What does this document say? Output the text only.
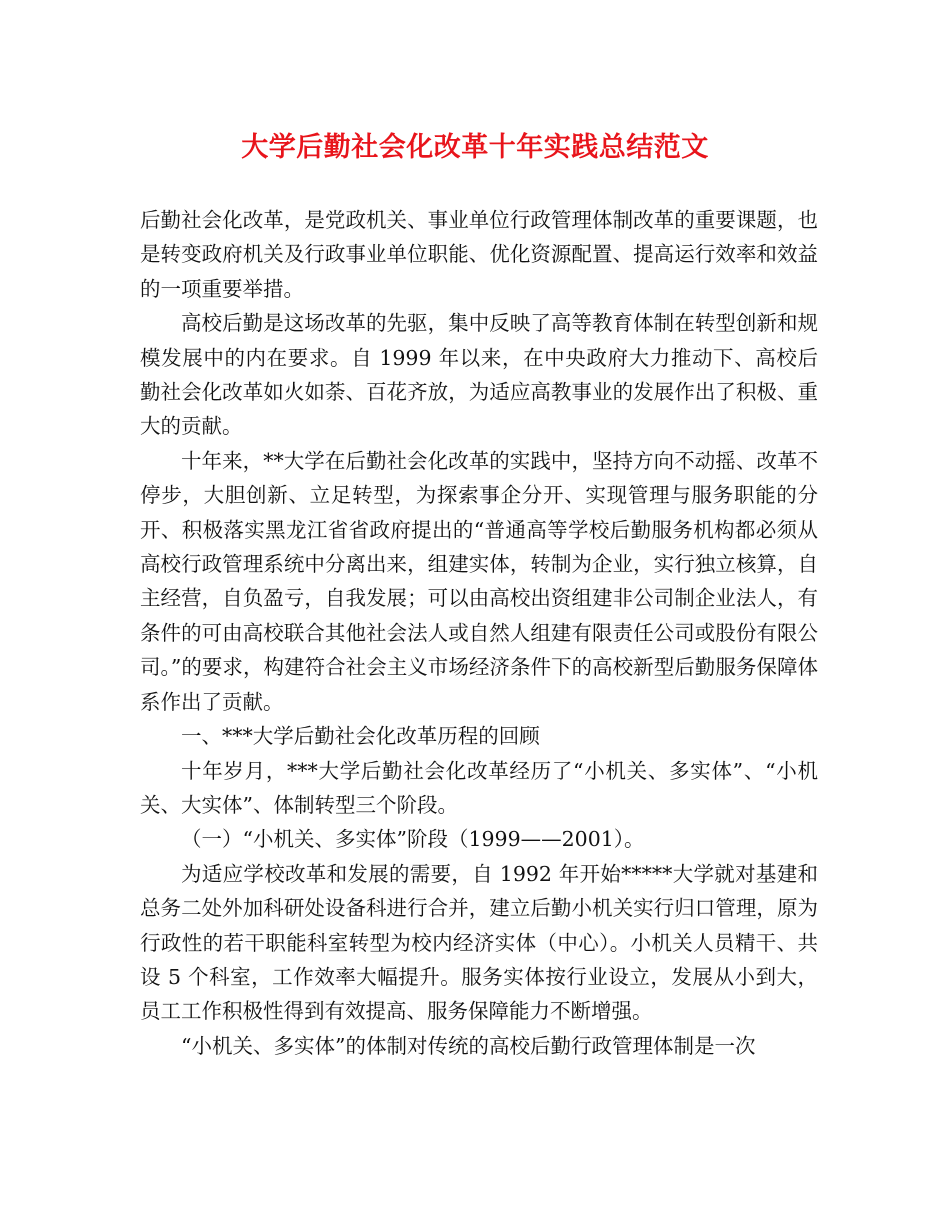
大学后勤社会化改革十年实践总结范文

后勤社会化改革，是党政机关、事业单位行政管理体制改革的重要课题，也是转变政府机关及行政事业单位职能、优化资源配置、提高运行效率和效益的一项重要举措。

高校后勤是这场改革的先驱，集中反映了高等教育体制在转型创新和规模发展中的内在要求。自 1999 年以来，在中央政府大力推动下、高校后勤社会化改革如火如荼、百花齐放，为适应高教事业的发展作出了积极、重大的贡献。

十年来，**大学在后勤社会化改革的实践中，坚持方向不动摇、改革不停步，大胆创新、立足转型，为探索事企分开、实现管理与服务职能的分开、积极落实黑龙江省省政府提出的“普通高等学校后勤服务机构都必须从高校行政管理系统中分离出来，组建实体，转制为企业，实行独立核算，自主经营，自负盈亏，自我发展；可以由高校出资组建非公司制企业法人，有条件的可由高校联合其他社会法人或自然人组建有限责任公司或股份有限公司。”的要求，构建符合社会主义市场经济条件下的高校新型后勤服务保障体系作出了贡献。

一、***大学后勤社会化改革历程的回顾

十年岁月，***大学后勤社会化改革经历了“小机关、多实体”、“小机关、大实体”、体制转型三个阶段。

（一）“小机关、多实体”阶段（1999——2001）。

为适应学校改革和发展的需要，自 1992 年开始*****大学就对基建和总务二处外加科研处设备科进行合并，建立后勤小机关实行归口管理，原为行政性的若干职能科室转型为校内经济实体（中心）。小机关人员精干、共设 5 个科室，工作效率大幅提升。服务实体按行业设立，发展从小到大，员工工作积极性得到有效提高、服务保障能力不断增强。

“小机关、多实体”的体制对传统的高校后勤行政管理体制是一次
